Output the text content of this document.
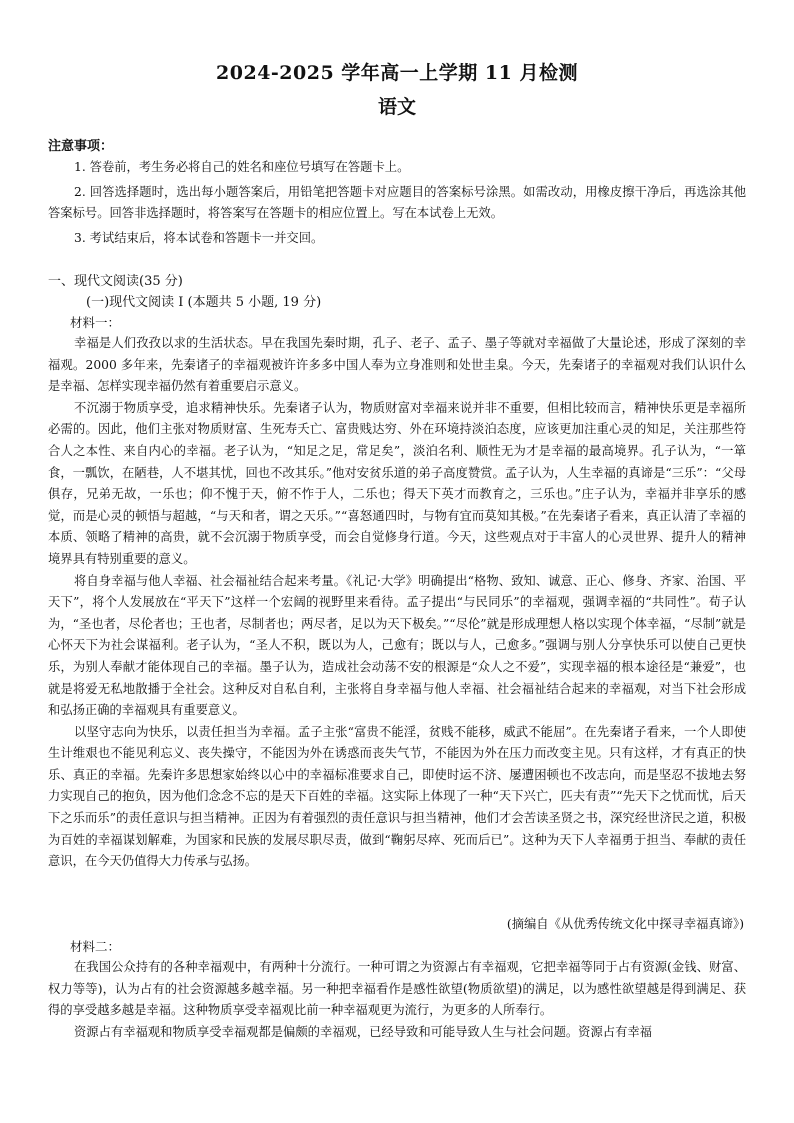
2024-2025 学年高一上学期 11 月检测
语文
注意事项：

1. 答卷前，考生务必将自己的姓名和座位号填写在答题卡上。

2. 回答选择题时，选出每小题答案后，用铅笔把答题卡对应题目的答案标号涂黑。如需改动，用橡皮擦干净后，再选涂其他答案标号。回答非选择题时，将答案写在答题卡的相应位置上。写在本试卷上无效。

3. 考试结束后，将本试卷和答题卡一并交回。

一、现代文阅读(35 分)
(一)现代文阅读 I (本题共 5 小题, 19 分)
材料一：

幸福是人们孜孜以求的生活状态。早在我国先秦时期，孔子、老子、孟子、墨子等就对幸福做了大量论述，形成了深刻的幸福观。2000 多年来，先秦诸子的幸福观被许许多多中国人奉为立身准则和处世圭臬。今天，先秦诸子的幸福观对我们认识什么是幸福、怎样实现幸福仍然有着重要启示意义。

不沉溺于物质享受，追求精神快乐。先秦诸子认为，物质财富对幸福来说并非不重要，但相比较而言，精神快乐更是幸福所必需的。因此，他们主张对物质财富、生死寿夭亡、富贵贱达穷、外在环境持淡泊态度，应该更加注重心灵的知足，关注那些符合人之本性、来自内心的幸福。老子认为，“知足之足，常足矣”，淡泊名利、顺性无为才是幸福的最高境界。孔子认为，“一箪食，一瓢饮，在陋巷，人不堪其忧，回也不改其乐。”他对安贫乐道的弟子高度赞赏。孟子认为，人生幸福的真谛是“三乐”：“父母俱存，兄弟无故，一乐也；仰不愧于天，俯不怍于人，二乐也；得天下英才而教育之，三乐也。”庄子认为，幸福并非享乐的感觉，而是心灵的顿悟与超越，“与天和者，谓之天乐。”“喜怒通四时，与物有宜而莫知其极。”在先秦诸子看来，真正认清了幸福的本质、领略了精神的高贵，就不会沉溺于物质享受，而会自觉修身行道。今天，这些观点对于丰富人的心灵世界、提升人的精神境界具有特别重要的意义。

将自身幸福与他人幸福、社会福祉结合起来考量。《礼记·大学》明确提出“格物、致知、诚意、正心、修身、齐家、治国、平天下”，将个人发展放在“平天下”这样一个宏阔的视野里来看待。孟子提出“与民同乐”的幸福观，强调幸福的“共同性”。荀子认为，“圣也者，尽伦者也；王也者，尽制者也；两尽者，足以为天下极矣。”“尽伦”就是形成理想人格以实现个体幸福，“尽制”就是心怀天下为社会谋福利。老子认为，“圣人不积，既以为人，己愈有；既以与人，己愈多。”强调与别人分享快乐可以使自己更快乐，为别人奉献才能体现自己的幸福。墨子认为，造成社会动荡不安的根源是“众人之不爱”，实现幸福的根本途径是“兼爱”，也就是将爱无私地散播于全社会。这种反对自私自利，主张将自身幸福与他人幸福、社会福祉结合起来的幸福观，对当下社会形成和弘扬正确的幸福观具有重要意义。

以坚守志向为快乐，以责任担当为幸福。孟子主张“富贵不能淫，贫贱不能移，威武不能屈”。在先秦诸子看来，一个人即使生计维艰也不能见利忘义、丧失操守，不能因为外在诱惑而丧失气节，不能因为外在压力而改变主见。只有这样，才有真正的快乐、真正的幸福。先秦许多思想家始终以心中的幸福标准要求自己，即使时运不济、屡遭困顿也不改志向，而是坚忍不拔地去努力实现自己的抱负，因为他们念念不忘的是天下百姓的幸福。这实际上体现了一种“天下兴亡，匹夫有责”“先天下之忧而忧，后天下之乐而乐”的责任意识与担当精神。正因为有着强烈的责任意识与担当精神，他们才会苦读圣贤之书，深究经世济民之道，积极为百姓的幸福谋划解难，为国家和民族的发展尽职尽责，做到“鞠躬尽瘁、死而后已”。这种为天下人幸福勇于担当、奉献的责任意识，在今天仍值得大力传承与弘扬。

(摘编自《从优秀传统文化中探寻幸福真谛》)
材料二：

在我国公众持有的各种幸福观中，有两种十分流行。一种可谓之为资源占有幸福观，它把幸福等同于占有资源(金钱、财富、权力等等)，认为占有的社会资源越多越幸福。另一种把幸福看作是感性欲望(物质欲望)的满足，以为感性欲望越是得到满足、获得的享受越多越是幸福。这种物质享受幸福观比前一种幸福观更为流行，为更多的人所奉行。

资源占有幸福观和物质享受幸福观都是偏颇的幸福观，已经导致和可能导致人生与社会问题。资源占有幸福
